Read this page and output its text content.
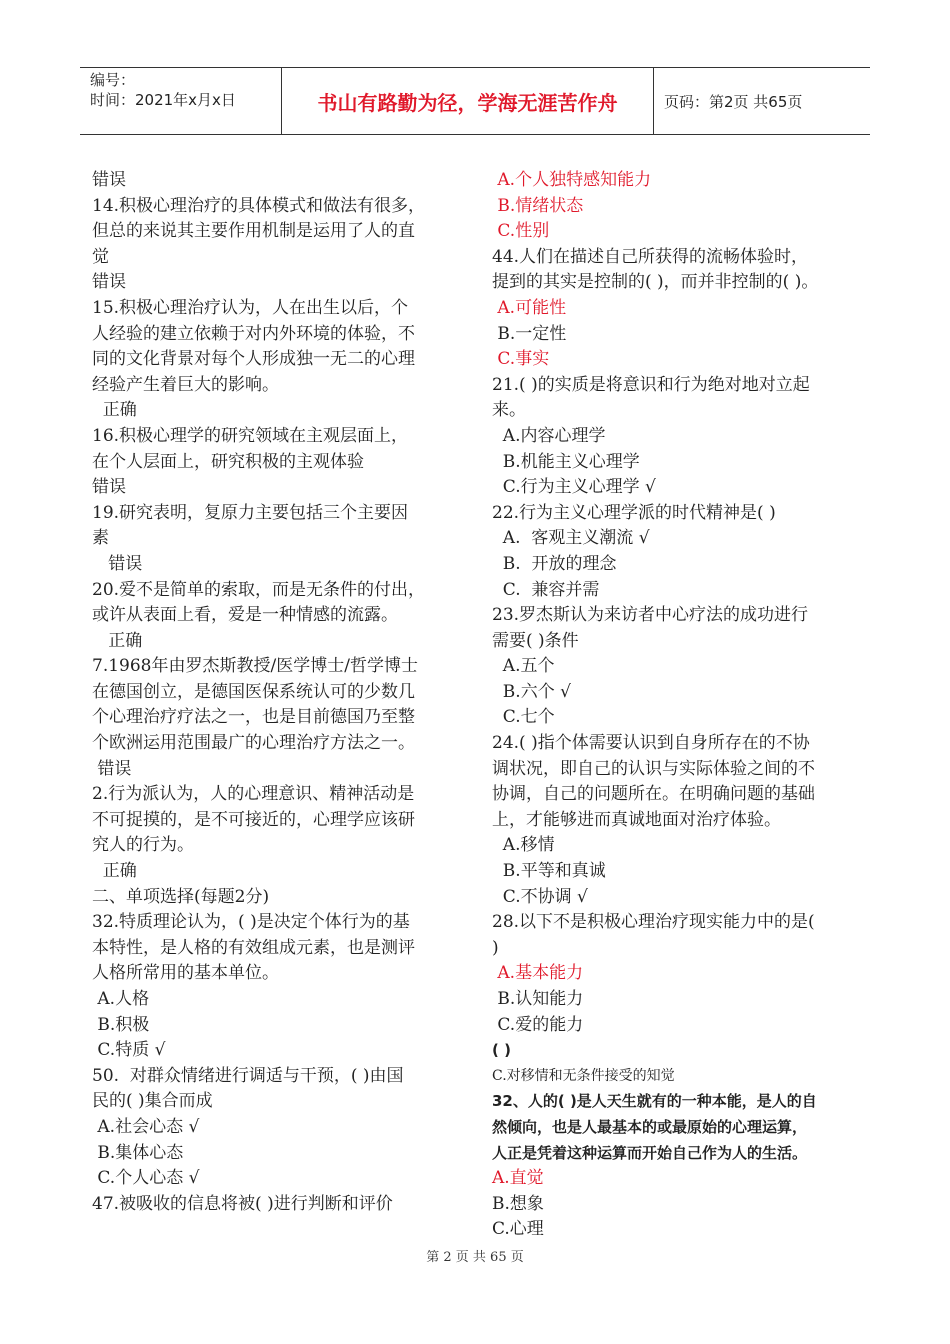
编号：
时间：2021年x月x日	书山有路勤为径，学海无涯苦作舟	页码：第2页 共65页
错误
14.积极心理治疗的具体模式和做法有很多，
但总的来说其主要作用机制是运用了人的直
觉
错误
15.积极心理治疗认为，人在出生以后，个
人经验的建立依赖于对内外环境的体验，不
同的文化背景对每个人形成独一无二的心理
经验产生着巨大的影响。
正确
16.积极心理学的研究领域在主观层面上，
在个人层面上，研究积极的主观体验
错误
19.研究表明，复原力主要包括三个主要因
素
错误
20.爱不是简单的索取，而是无条件的付出，
或许从表面上看，爱是一种情感的流露。
正确
7.1968年由罗杰斯教授/医学博士/哲学博士
在德国创立，是德国医保系统认可的少数几
个心理治疗疗法之一，也是目前德国乃至整
个欧洲运用范围最广的心理治疗方法之一。
错误
2.行为派认为，人的心理意识、精神活动是
不可捉摸的，是不可接近的，心理学应该研
究人的行为。
正确
二、单项选择(每题2分)
32.特质理论认为，( )是决定个体行为的基
本特性，是人格的有效组成元素，也是测评
人格所常用的基本单位。
A.人格
B.积极
C.特质 √
50.  对群众情绪进行调适与干预，( )由国
民的( )集合而成
A.社会心态 √
B.集体心态
C.个人心态 √
47.被吸收的信息将被( )进行判断和评价
A.个人独特感知能力
B.情绪状态
C.性别
44.人们在描述自己所获得的流畅体验时，
提到的其实是控制的( )，而并非控制的( )。
A.可能性
B.一定性
C.事实
21.( )的实质是将意识和行为绝对地对立起
来。
A.内容心理学
B.机能主义心理学
C.行为主义心理学 √
22.行为主义心理学派的时代精神是( )
A.  客观主义潮流 √
B.  开放的理念
C.  兼容并需
23.罗杰斯认为来访者中心疗法的成功进行
需要( )条件
A.五个
B.六个 √
C.七个
24.( )指个体需要认识到自身所存在的不协
调状况，即自己的认识与实际体验之间的不
协调，自己的问题所在。在明确问题的基础
上，才能够进而真诚地面对治疗体验。
A.移情
B.平等和真诚
C.不协调 √
28.以下不是积极心理治疗现实能力中的是(
)
A.基本能力
B.认知能力
C.爱的能力
( )
C.对移情和无条件接受的知觉
32、人的( )是人天生就有的一种本能，是人的自
然倾向，也是人最基本的或最原始的心理运算，
人正是凭着这种运算而开始自己作为人的生活。
A.直觉
B.想象
C.心理
第 2 页 共 65 页
